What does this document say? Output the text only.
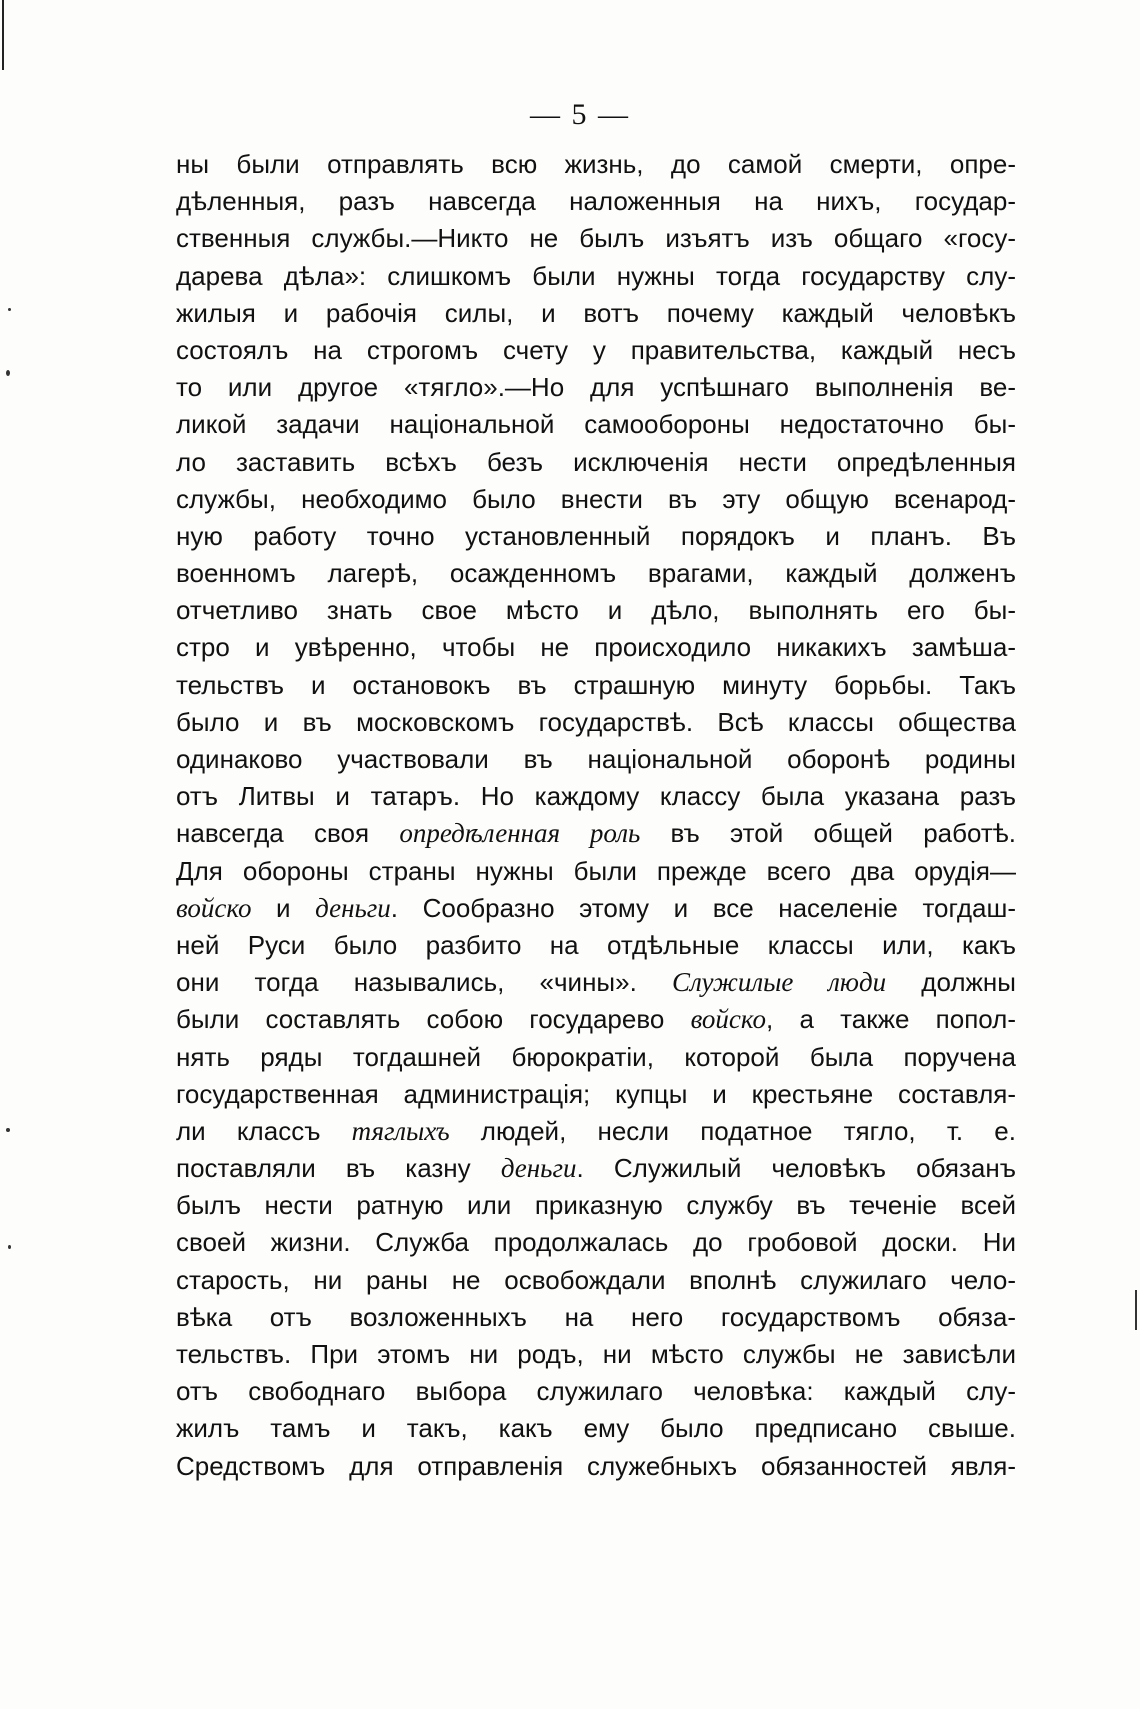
— 5 —
ны были отправлять всю жизнь, до самой смерти, опре-
дѣленныя, разъ навсегда наложенныя на нихъ, государ-
ственныя службы.—Никто не былъ изъятъ изъ общаго «госу-
дарева дѣла»: слишкомъ были нужны тогда государству слу-
жилыя и рабочія силы, и вотъ почему каждый человѣкъ
состоялъ на строгомъ счету у правительства, каждый несъ
то или другое «тягло».—Но для успѣшнаго выполненія ве-
ликой задачи національной самообороны недостаточно бы-
ло заставить всѣхъ безъ исключенія нести опредѣленныя
службы, необходимо было внести въ эту общую всенарод-
ную работу точно установленный порядокъ и планъ. Въ
военномъ лагерѣ, осажденномъ врагами, каждый долженъ
отчетливо знать свое мѣсто и дѣло, выполнять его бы-
стро и увѣренно, чтобы не происходило никакихъ замѣша-
тельствъ и остановокъ въ страшную минуту борьбы. Такъ
было и въ московскомъ государствѣ. Всѣ классы общества
одинаково участвовали въ національной оборонѣ родины
отъ Литвы и татаръ. Но каждому классу была указана разъ
навсегда своя опредѣленная роль въ этой общей работѣ.
Для обороны страны нужны были прежде всего два орудія—
войско и деньги. Сообразно этому и все населеніе тогдаш-
ней Руси было разбито на отдѣльные классы или, какъ
они тогда назывались, «чины». Служилые люди должны
были составлять собою государево войско, а также попол-
нять ряды тогдашней бюрократіи, которой была поручена
государственная администрація; купцы и крестьяне составля-
ли классъ тяглыхъ людей, несли податное тягло, т. е.
поставляли въ казну деньги. Служилый человѣкъ обязанъ
былъ нести ратную или приказную службу въ теченіе всей
своей жизни. Служба продолжалась до гробовой доски. Ни
старость, ни раны не освобождали вполнѣ служилаго чело-
вѣка отъ возложенныхъ на него государствомъ обяза-
тельствъ. При этомъ ни родъ, ни мѣсто службы не зависѣли
отъ свободнаго выбора служилаго человѣка: каждый слу-
жилъ тамъ и такъ, какъ ему было предписано свыше.
Средствомъ для отправленія служебныхъ обязанностей явля-
